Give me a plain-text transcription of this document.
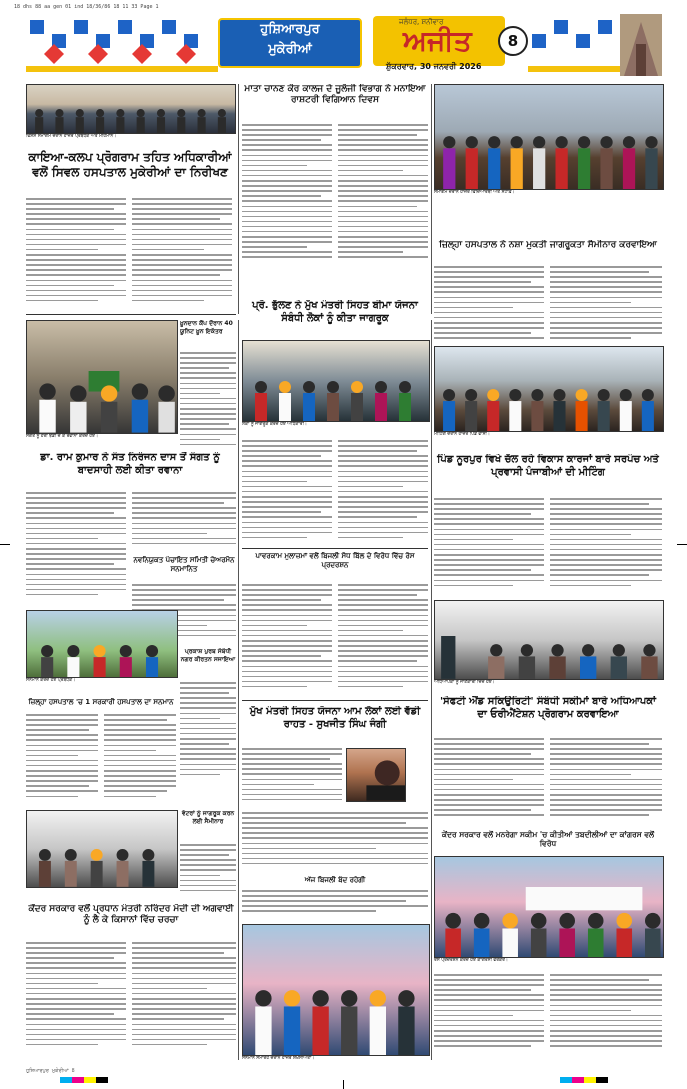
18 dhs 88 aa gen 01 ind 18/36/86 18 11 33 Page 1
ਹੁਸ਼ਿਆਰਪੁਰ
ਮੁਕੇਰੀਆਂ
ਜਲੰਧਰ, ਸ਼ਨੀਵਾਰ
ਅਜੀਤ	8
ਸ਼ੁੱਕਰਵਾਰ, 30 ਜਨਵਰੀ 2026
ਵਿਸ਼ੇਸ਼ ਸਮਾਗਮ ਦੌਰਾਨ ਹਾਜ਼ਰ ਪ੍ਰਬੰਧਕ ਅਤੇ ਮਹਿਮਾਨ।
ਕਾਇਆ-ਕਲਪ ਪ੍ਰੋਗਰਾਮ ਤਹਿਤ ਅਧਿਕਾਰੀਆਂ ਵਲੋਂ ਸਿਵਲ ਹਸਪਤਾਲ ਮੁਕੇਰੀਆਂ ਦਾ ਨਿਰੀਖਣ
ਮਾਤਾ ਚਾਨਣ ਕੌਰ ਕਾਲਜ ਦੇ ਜੂਲੋਜੀ ਵਿਭਾਗ ਨੇ ਮਨਾਇਆ ਰਾਸ਼ਟਰੀ ਵਿਗਿਆਨ ਦਿਵਸ
ਸਮਾਗਮ ਦੌਰਾਨ ਹਾਜ਼ਰ ਵਿਦਿਆਰਥੀ ਅਤੇ ਸਟਾਫ਼।
ਜ਼ਿਲ੍ਹਾ ਹਸਪਤਾਲ ਨੇ ਨਸ਼ਾ ਮੁਕਤੀ ਜਾਗਰੂਕਤਾ ਸੈਮੀਨਾਰ ਕਰਵਾਇਆ
ਪ੍ਰੋ. ਭੁੱਲਣ ਨੇ ਮੁੱਖ ਮੰਤਰੀ ਸਿਹਤ ਬੀਮਾ ਯੋਜਨਾ ਸੰਬੰਧੀ ਲੋਕਾਂ ਨੂੰ ਕੀਤਾ ਜਾਗਰੂਕ
ਸੰਗਤ ਨੂੰ ਹਰੀ ਝੰਡੀ ਦੇ ਕੇ ਰਵਾਨਾ ਕਰਦੇ ਹੋਏ।
ਖ਼ੂਨਦਾਨ ਕੈਂਪ ਦੌਰਾਨ 40 ਯੂਨਿਟ ਖ਼ੂਨ ਇਕੱਤਰ
ਡਾ. ਰਾਮ ਕੁਮਾਰ ਨੇ ਸੰਤ ਨਿਰੰਜਨ ਦਾਸ ਤੋਂ ਸੰਗਤ ਨੂੰ ਬਾਦਸਾਹੀ ਲਈ ਕੀਤਾ ਰਵਾਨਾ
ਨਵਨਿਯੁਕਤ ਪੰਚਾਇਤ ਸਮਿਤੀ ਚੇਅਰਮੈਨ ਸਨਮਾਨਿਤ
ਲੋਕਾਂ ਨੂੰ ਜਾਗਰੂਕ ਕਰਦੇ ਹੋਏ ਅਧਿਕਾਰੀ।
ਪਾਵਰਕਾਮ ਮੁਲਾਜ਼ਮਾਂ ਵਲੋਂ ਬਿਜਲੀ ਸੋਧ ਬਿੱਲ ਦੇ ਵਿਰੋਧ ਵਿੱਚ ਰੋਸ ਪ੍ਰਦਰਸ਼ਨ
ਮੀਟਿੰਗ ਦੌਰਾਨ ਹਾਜ਼ਰ ਪਿੰਡ ਵਾਸੀ।
ਪਿੰਡ ਨੂਰਪੁਰ ਵਿਖੇ ਚੱਲ ਰਹੇ ਵਿਕਾਸ ਕਾਰਜਾਂ ਬਾਰੇ ਸਰਪੰਚ ਅਤੇ ਪ੍ਰਵਾਸੀ ਪੰਜਾਬੀਆਂ ਦੀ ਮੀਟਿੰਗ
ਸਨਮਾਨ ਕਰਦੇ ਹੋਏ ਪ੍ਰਬੰਧਕ।
ਪ੍ਰਕਾਸ਼ ਪੁਰਬ ਸੰਬੰਧੀ ਨਗਰ ਕੀਰਤਨ ਸਜਾਇਆ
ਜ਼ਿਲ੍ਹਾ ਹਸਪਤਾਲ 'ਚ 1 ਸਰਕਾਰੀ ਹਸਪਤਾਲ ਦਾ ਸਨਮਾਨ
ਵੋਟਰਾਂ ਨੂੰ ਜਾਗਰੂਕ ਕਰਨ ਲਈ ਸੈਮੀਨਾਰ
ਕੇਂਦਰ ਸਰਕਾਰ ਵਲੋਂ ਪ੍ਰਧਾਨ ਮੰਤਰੀ ਨਰਿੰਦਰ ਮੋਦੀ ਦੀ ਅਗਵਾਈ ਨੂੰ ਲੈ ਕੇ ਕਿਸਾਨਾਂ ਵਿੱਚ ਚਰਚਾ
ਮੁੱਖ ਮੰਤਰੀ ਸਿਹਤ ਯੋਜਨਾ ਆਮ ਲੋਕਾਂ ਲਈ ਵੱਡੀ ਰਾਹਤ - ਸੁਖਜੀਤ ਸਿੰਘ ਜੰਗੀ
ਅੱਜ ਬਿਜਲੀ ਬੰਦ ਰਹੇਗੀ
ਸਨਮਾਨ ਸਮਾਰੋਹ ਦੌਰਾਨ ਹਾਜ਼ਰ ਸ਼ਖ਼ਸੀਅਤਾਂ।
ਅਧਿਆਪਕਾਂ ਨੂੰ ਜਾਣਕਾਰੀ ਦਿੰਦੇ ਹੋਏ।
'ਸੇਫਟੀ ਐਂਡ ਸਕਿਉਰਿਟੀ' ਸੰਬੰਧੀ ਸਕੀਮਾਂ ਬਾਰੇ ਅਧਿਆਪਕਾਂ ਦਾ ਓਰੀਐਂਟੇਸ਼ਨ ਪ੍ਰੋਗਰਾਮ ਕਰਵਾਇਆ
ਕੇਂਦਰ ਸਰਕਾਰ ਵਲੋਂ ਮਨਰੇਗਾ ਸਕੀਮ 'ਚ ਕੀਤੀਆਂ ਤਬਦੀਲੀਆਂ ਦਾ ਕਾਂਗਰਸ ਵਲੋਂ ਵਿਰੋਧ
ਰੋਸ ਪ੍ਰਦਰਸ਼ਨ ਕਰਦੇ ਹੋਏ ਕਾਂਗਰਸੀ ਵਰਕਰ।
ਹੁਸ਼ਿਆਰਪੁਰ ਮੁਕੇਰੀਆਂ 8
